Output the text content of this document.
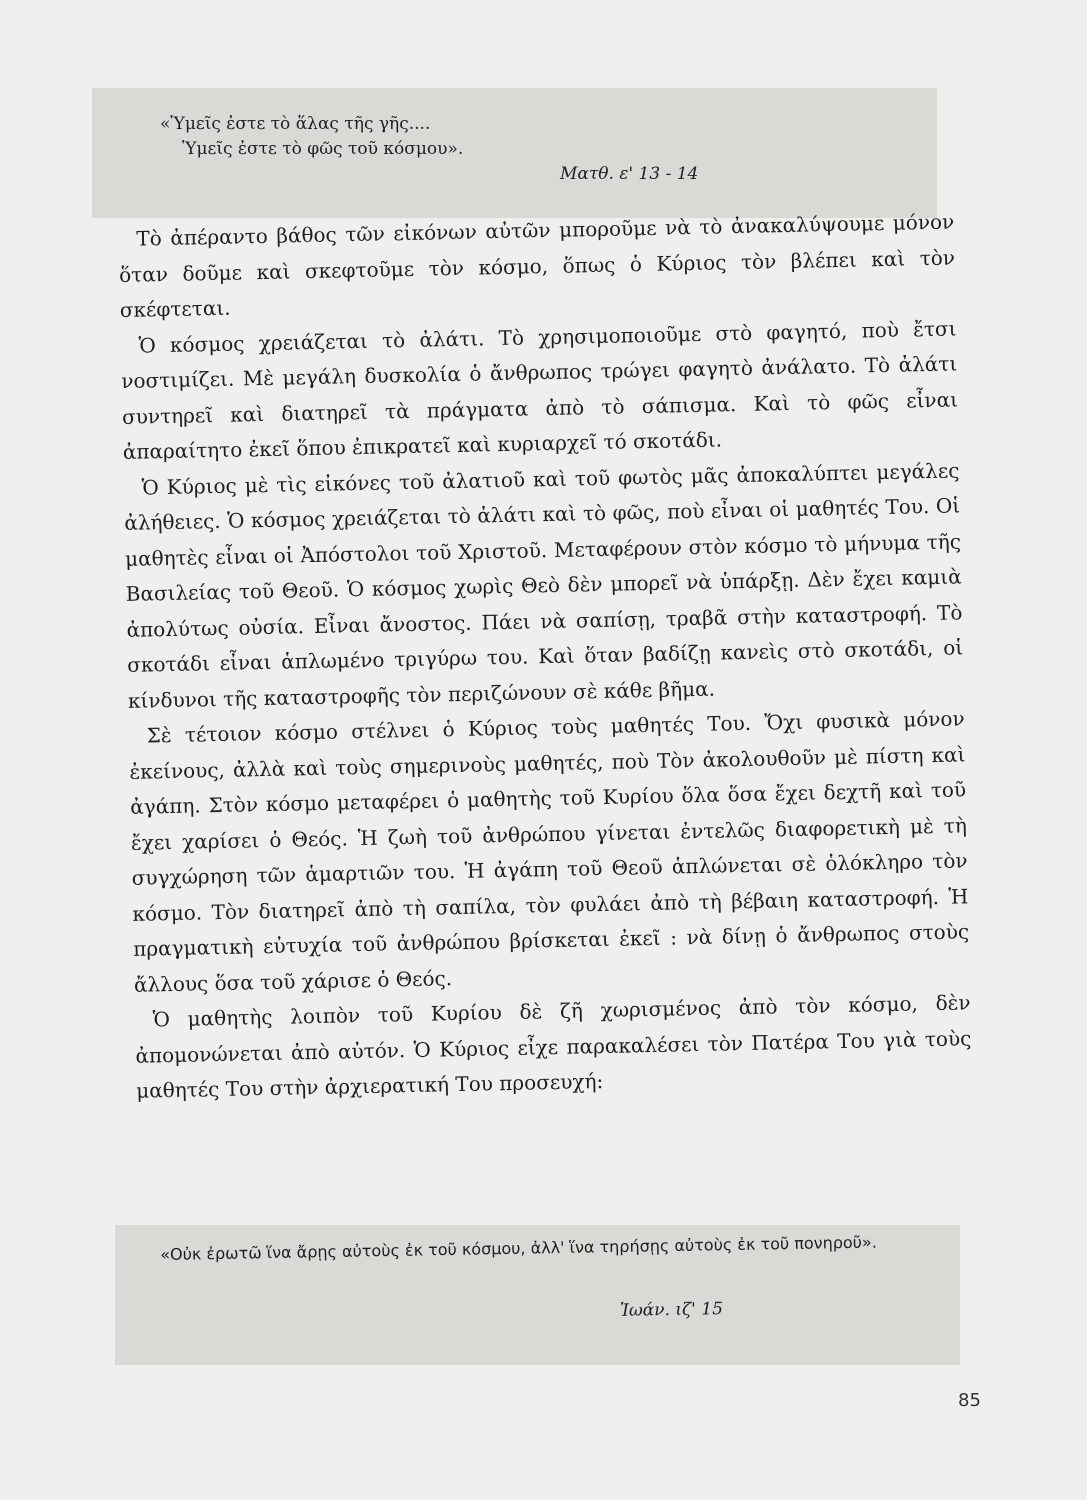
«Ὑμεῖς ἐστε τὸ ἅλας τῆς γῆς....
Ὑμεῖς ἐστε τὸ φῶς τοῦ κόσμου».
Ματθ. ε' 13 - 14

Τὸ ἀπέραντο βάθος τῶν εἰκόνων αὐτῶν μποροῦμε νὰ τὸ ἀνακαλύψουμε μόνον ὅταν δοῦμε καὶ σκεφτοῦμε τὸν κόσμο, ὅπως ὁ Κύριος τὸν βλέπει καὶ τὸν σκέφτεται.

Ὁ κόσμος χρειάζεται τὸ ἀλάτι. Τὸ χρησιμοποιοῦμε στὸ φαγητό, ποὺ ἔτσι νοστιμίζει. Μὲ μεγάλη δυσκολία ὁ ἄνθρωπος τρώγει φαγητὸ ἀνάλατο. Τὸ ἀλάτι συντηρεῖ καὶ διατηρεῖ τὰ πράγματα ἀπὸ τὸ σάπισμα. Καὶ τὸ φῶς εἶναι ἀπαραίτητο ἐκεῖ ὅπου ἐπικρατεῖ καὶ κυριαρχεῖ τό σκοτάδι.

Ὁ Κύριος μὲ τὶς εἰκόνες τοῦ ἀλατιοῦ καὶ τοῦ φωτὸς μᾶς ἀποκαλύπτει μεγάλες ἀλήθειες. Ὁ κόσμος χρειάζεται τὸ ἀλάτι καὶ τὸ φῶς, ποὺ εἶναι οἱ μαθητές Του. Οἱ μαθητὲς εἶναι οἱ Ἀπόστολοι τοῦ Χριστοῦ. Μεταφέρουν στὸν κόσμο τὸ μήνυμα τῆς Βασιλείας τοῦ Θεοῦ. Ὁ κόσμος χωρὶς Θεὸ δὲν μπορεῖ νὰ ὑπάρξῃ. Δὲν ἔχει καμιὰ ἀπολύτως οὐσία. Εἶναι ἄνοστος. Πάει νὰ σαπίσῃ, τραβᾶ στὴν καταστροφή. Τὸ σκοτάδι εἶναι ἁπλωμένο τριγύρω του. Καὶ ὅταν βαδίζῃ κανεὶς στὸ σκοτάδι, οἱ κίνδυνοι τῆς καταστροφῆς τὸν περιζώνουν σὲ κάθε βῆμα.

Σὲ τέτοιον κόσμο στέλνει ὁ Κύριος τοὺς μαθητές Του. Ὄχι φυσικὰ μόνον ἐκείνους, ἀλλὰ καὶ τοὺς σημερινοὺς μαθητές, ποὺ Τὸν ἀκολουθοῦν μὲ πίστη καὶ ἀγάπη. Στὸν κόσμο μεταφέρει ὁ μαθητὴς τοῦ Κυρίου ὅλα ὅσα ἔχει δεχτῆ καὶ τοῦ ἔχει χαρίσει ὁ Θεός. Ἡ ζωὴ τοῦ ἀνθρώπου γίνεται ἐντελῶς διαφορετικὴ μὲ τὴ συγχώρηση τῶν ἁμαρτιῶν του. Ἡ ἀγάπη τοῦ Θεοῦ ἁπλώνεται σὲ ὁλόκληρο τὸν κόσμο. Τὸν διατηρεῖ ἀπὸ τὴ σαπίλα, τὸν φυλάει ἀπὸ τὴ βέβαιη καταστροφή. Ἡ πραγματικὴ εὐτυχία τοῦ ἀνθρώπου βρίσκεται ἐκεῖ : νὰ δίνῃ ὁ ἄνθρωπος στοὺς ἄλλους ὅσα τοῦ χάρισε ὁ Θεός.

Ὁ μαθητὴς λοιπὸν τοῦ Κυρίου δὲ ζῆ χωρισμένος ἀπὸ τὸν κόσμο, δὲν ἀπομονώνεται ἀπὸ αὐτόν. Ὁ Κύριος εἶχε παρακαλέσει τὸν Πατέρα Του γιὰ τοὺς μαθητές Του στὴν ἀρχιερατική Του προσευχή:

«Οὐκ ἐρωτῶ ἵνα ἄρῃς αὐτοὺς ἐκ τοῦ κόσμου, ἀλλ' ἵνα τηρήσῃς αὐτοὺς ἐκ τοῦ πονηροῦ».
Ἰωάν. ιζ' 15
85
